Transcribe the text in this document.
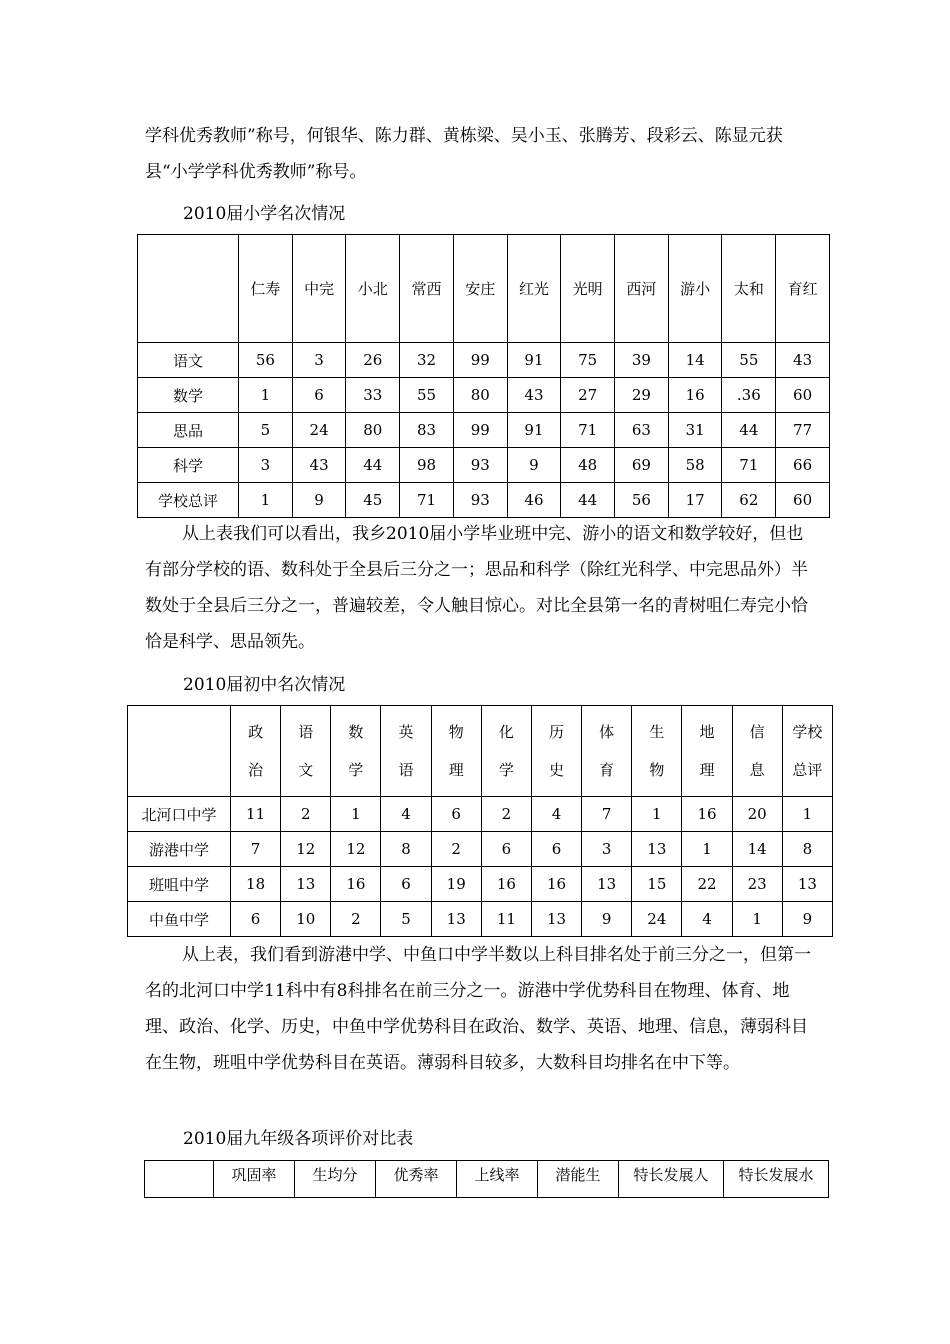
学科优秀教师”称号，何银华、陈力群、黄栋梁、吴小玉、张腾芳、段彩云、陈显元获县“小学学科优秀教师”称号。

2010届小学名次情况

	仁寿	中完	小北	常西	安庄	红光	光明	西河	游小	太和	育红
语文	56	3	26	32	99	91	75	39	14	55	43
数学	1	6	33	55	80	43	27	29	16	.36	60
思品	5	24	80	83	99	91	71	63	31	44	77
科学	3	43	44	98	93	9	48	69	58	71	66
学校总评	1	9	45	71	93	46	44	56	17	62	60

从上表我们可以看出，我乡2010届小学毕业班中完、游小的语文和数学较好，但也有部分学校的语、数科处于全县后三分之一；思品和科学（除红光科学、中完思品外）半数处于全县后三分之一，普遍较差，令人触目惊心。对比全县第一名的青树咀仁寿完小恰恰是科学、思品领先。

2010届初中名次情况

	政治	语文	数学	英语	物理	化学	历史	体育	生物	地理	信息	学校总评
北河口中学	11	2	1	4	6	2	4	7	1	16	20	1
游港中学	7	12	12	8	2	6	6	3	13	1	14	8
班咀中学	18	13	16	6	19	16	16	13	15	22	23	13
中鱼中学	6	10	2	5	13	11	13	9	24	4	1	9

从上表，我们看到游港中学、中鱼口中学半数以上科目排名处于前三分之一，但第一名的北河口中学11科中有8科排名在前三分之一。游港中学优势科目在物理、体育、地理、政治、化学、历史，中鱼中学优势科目在政治、数学、英语、地理、信息，薄弱科目在生物，班咀中学优势科目在英语。薄弱科目较多，大数科目均排名在中下等。

2010届九年级各项评价对比表

	巩固率	生均分	优秀率	上线率	潜能生	特长发展人	特长发展水
